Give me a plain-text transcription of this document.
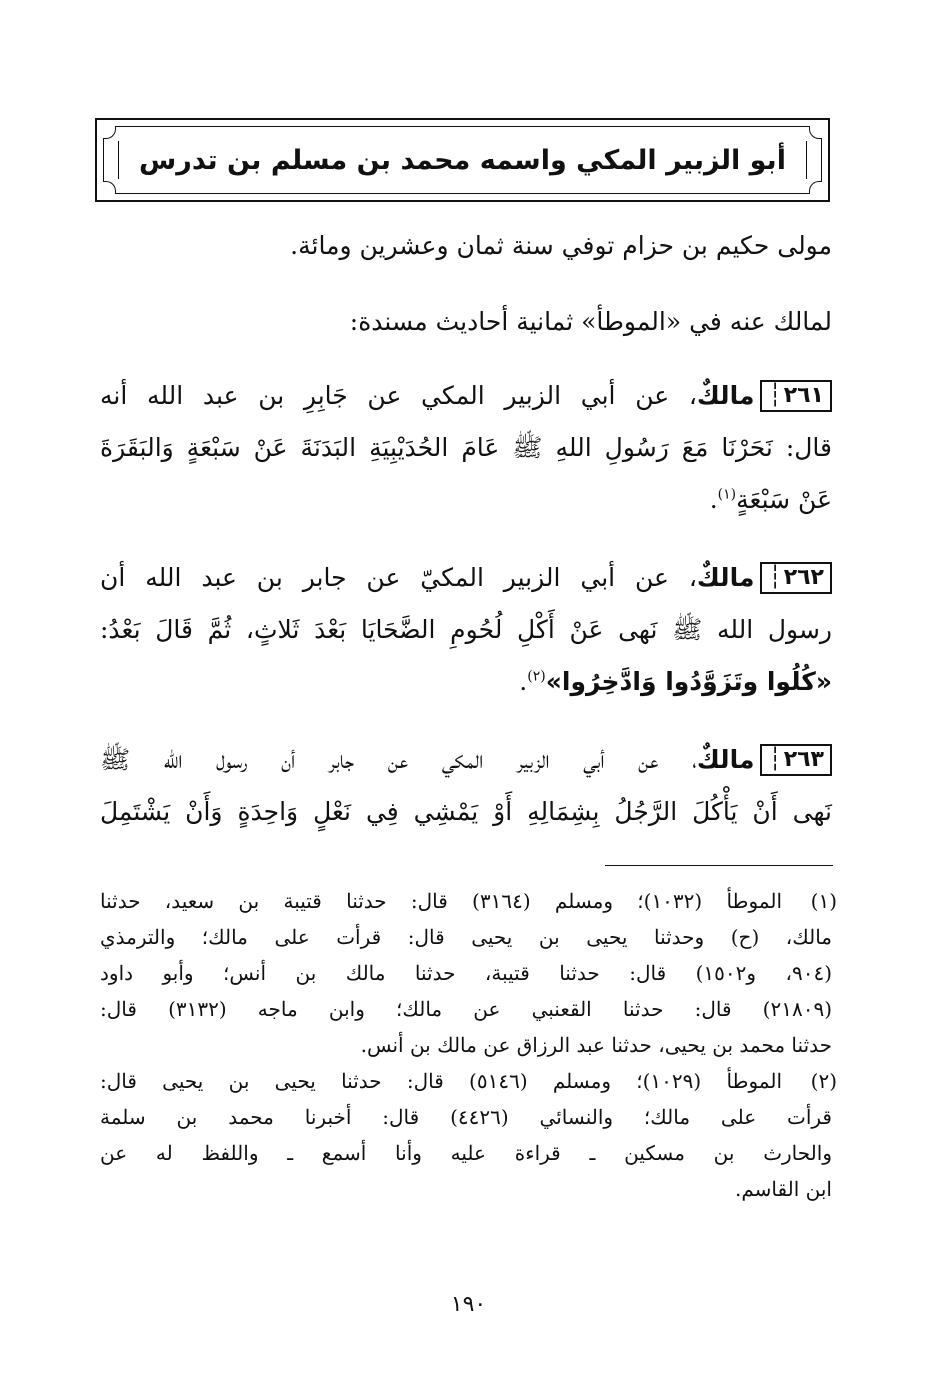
أبو الزبير المكي واسمه محمد بن مسلم بن تدرس
مولى حكيم بن حزام توفي سنة ثمان وعشرين ومائة.
لمالك عنه في «الموطأ» ثمانية أحاديث مسندة:
٢٦١ ┆مالكٌ، عن أبي الزبير المكي عن جَابِرِ بن عبد الله أنه
قال: نَحَرْنَا مَعَ رَسُولِ اللهِ ﷺ عَامَ الحُدَيْبِيَةِ البَدَنَةَ عَنْ سَبْعَةٍ وَالبَقَرَةَ
عَنْ سَبْعَةٍ$^{(١)}$.
٢٦٢ ┆مالكٌ، عن أبي الزبير المكيّ عن جابر بن عبد الله أن
رسول الله ﷺ نَهى عَنْ أَكْلِ لُحُومِ الضَّحَايَا بَعْدَ ثَلاثٍ، ثُمَّ قَالَ بَعْدُ:
«كُلُوا وتَزَوَّدُوا وَادَّخِرُوا»$^{(٢)}$.
٢٦٣ ┆مالكٌ، عن أبي الزبير المكي عن جابر أن رسول الله ﷺ
نَهى أَنْ يَأْكُلَ الرَّجُلُ بِشِمَالِهِ أَوْ يَمْشِي فِي نَعْلٍ وَاحِدَةٍ وَأَنْ يَشْتَمِلَ
(١)
الموطأ (١٠٣٢)؛ ومسلم (٣١٦٤) قال: حدثنا قتيبة بن سعيد، حدثنا
مالك، (ح) وحدثنا يحيى بن يحيى قال: قرأت على مالك؛ والترمذي
(٩٠٤، و١٥٠٢) قال: حدثنا قتيبة، حدثنا مالك بن أنس؛ وأبو داود
(٢١٨٠٩) قال: حدثنا القعنبي عن مالك؛ وابن ماجه (٣١٣٢) قال:
حدثنا محمد بن يحيى، حدثنا عبد الرزاق عن مالك بن أنس.
(٢)
الموطأ (١٠٢٩)؛ ومسلم (٥١٤٦) قال: حدثنا يحيى بن يحيى قال:
قرأت على مالك؛ والنسائي (٤٤٢٦) قال: أخبرنا محمد بن سلمة
والحارث بن مسكين ـ قراءة عليه وأنا أسمع ـ واللفظ له عن
ابن القاسم.
١٩٠
